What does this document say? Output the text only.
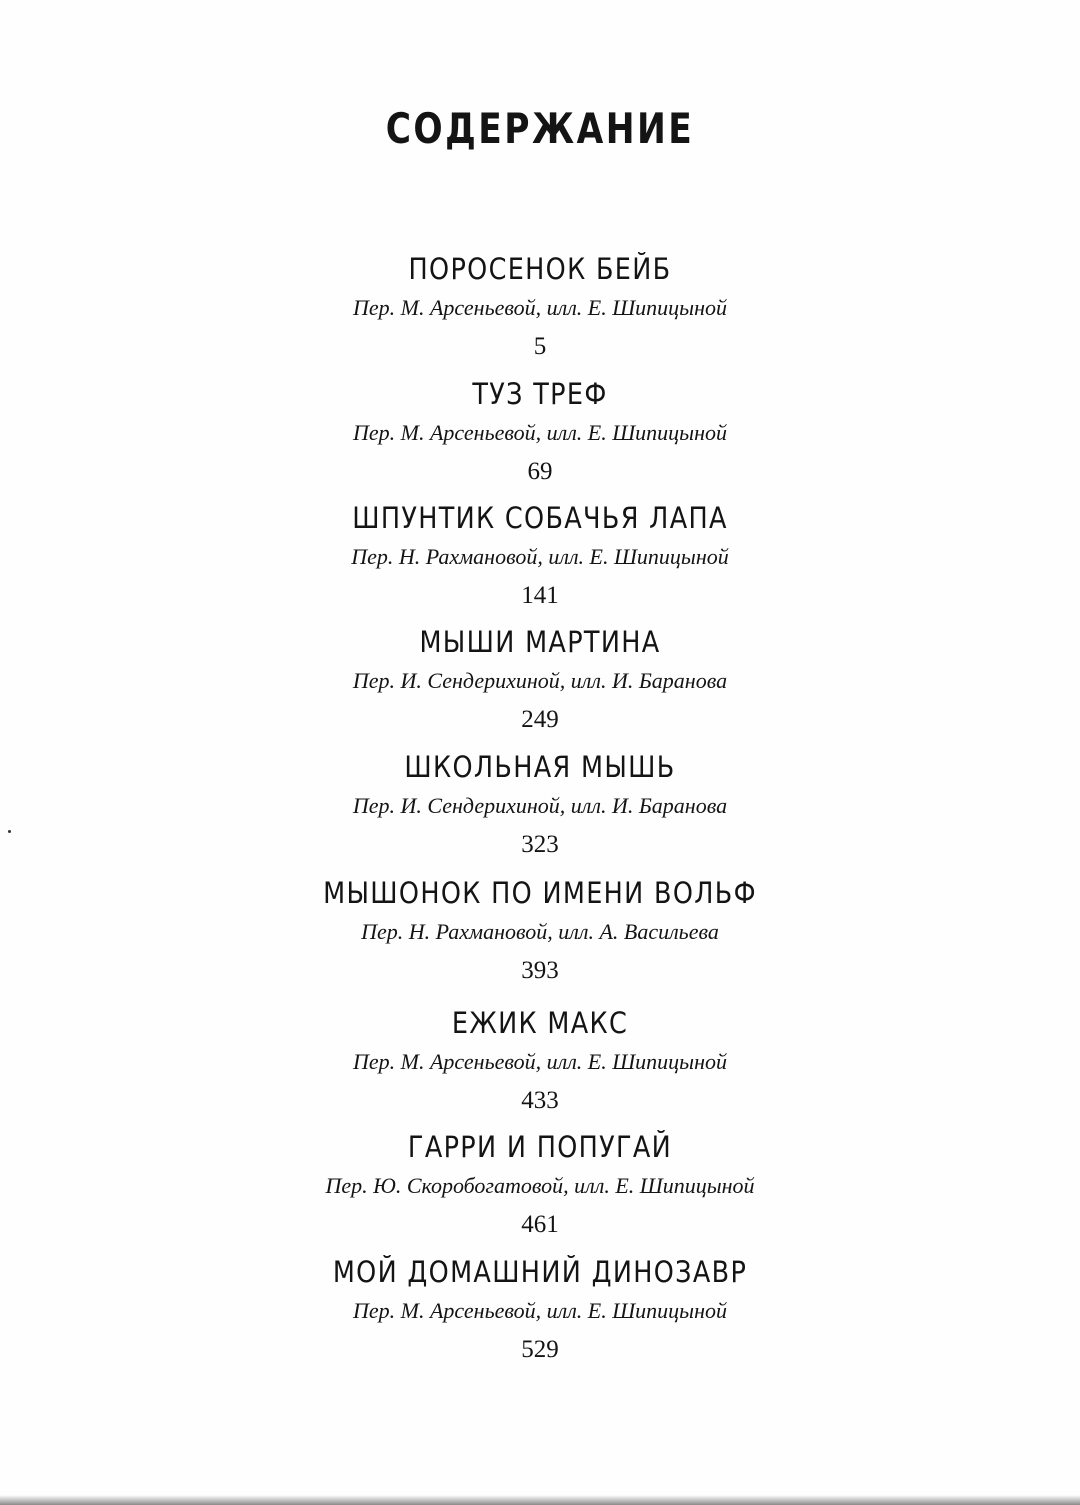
СОДЕРЖАНИЕ
ПОРОСЕНОК БЕЙБ
Пер. М. Арсеньевой, илл. Е. Шипицыной
5
ТУЗ ТРЕФ
Пер. М. Арсеньевой, илл. Е. Шипицыной
69
ШПУНТИК СОБАЧЬЯ ЛАПА
Пер. Н. Рахмановой, илл. Е. Шипицыной
141
МЫШИ МАРТИНА
Пер. И. Сендерихиной, илл. И. Баранова
249
ШКОЛЬНАЯ МЫШЬ
Пер. И. Сендерихиной, илл. И. Баранова
323
МЫШОНОК ПО ИМЕНИ ВОЛЬФ
Пер. Н. Рахмановой, илл. А. Васильева
393
ЕЖИК МАКС
Пер. М. Арсеньевой, илл. Е. Шипицыной
433
ГАРРИ И ПОПУГАЙ
Пер. Ю. Скоробогатовой, илл. Е. Шипицыной
461
МОЙ ДОМАШНИЙ ДИНОЗАВР
Пер. М. Арсеньевой, илл. Е. Шипицыной
529
